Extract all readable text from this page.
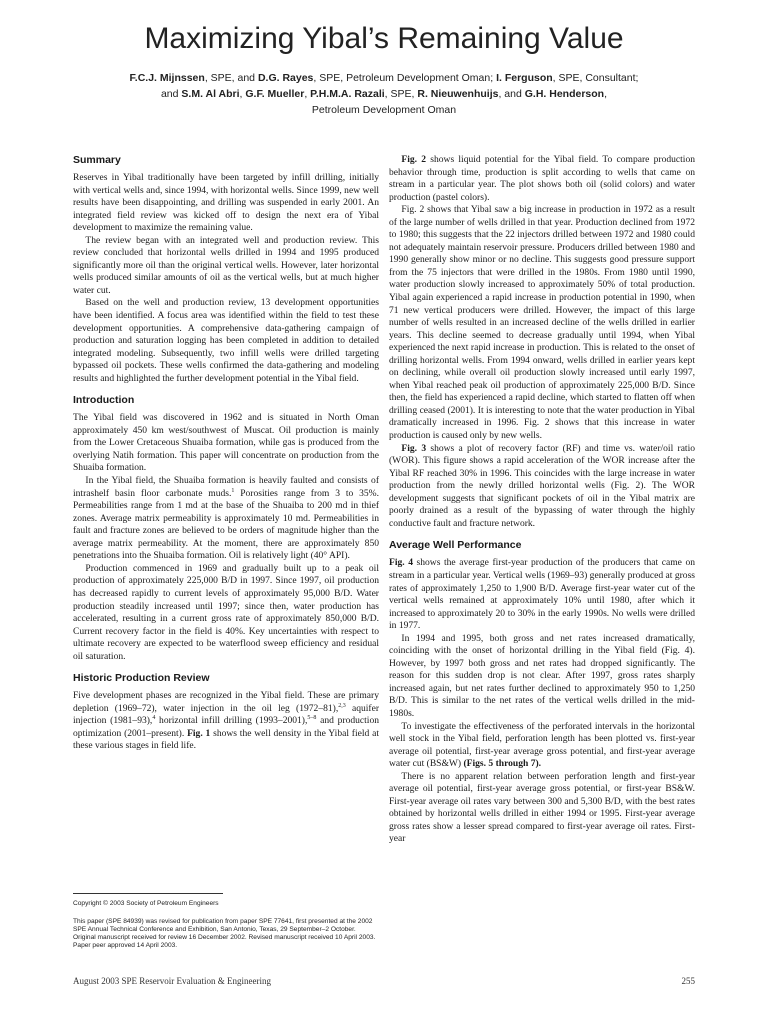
Maximizing Yibal’s Remaining Value
F.C.J. Mijnssen, SPE, and D.G. Rayes, SPE, Petroleum Development Oman; I. Ferguson, SPE, Consultant;
and S.M. Al Abri, G.F. Mueller, P.H.M.A. Razali, SPE, R. Nieuwenhuijs, and G.H. Henderson,
Petroleum Development Oman
Summary

Reserves in Yibal traditionally have been targeted by infill drilling, initially with vertical wells and, since 1994, with horizontal wells. Since 1999, new well results have been disappointing, and drilling was suspended in early 2001. An integrated field review was kicked off to design the next era of Yibal development to maximize the remaining value.

The review began with an integrated well and production review. This review concluded that horizontal wells drilled in 1994 and 1995 produced significantly more oil than the original vertical wells. However, later horizontal wells produced similar amounts of oil as the vertical wells, but at much higher water cut.

Based on the well and production review, 13 development opportunities have been identified. A focus area was identified within the field to test these development opportunities. A comprehensive data-gathering campaign of production and saturation logging has been completed in addition to detailed integrated modeling. Subsequently, two infill wells were drilled targeting bypassed oil pockets. These wells confirmed the data-gathering and modeling results and highlighted the further development potential in the Yibal field.

Introduction

The Yibal field was discovered in 1962 and is situated in North Oman approximately 450 km west/southwest of Muscat. Oil production is mainly from the Lower Cretaceous Shuaiba formation, while gas is produced from the overlying Natih formation. This paper will concentrate on production from the Shuaiba formation.

In the Yibal field, the Shuaiba formation is heavily faulted and consists of intrashelf basin floor carbonate muds.$^1$ Porosities range from 3 to 35%. Permeabilities range from 1 md at the base of the Shuaiba to 200 md in thief zones. Average matrix permeability is approximately 10 md. Permeabilities in fault and fracture zones are believed to be orders of magnitude higher than the average matrix permeability. At the moment, there are approximately 850 penetrations into the Shuaiba formation. Oil is relatively light (40° API).

Production commenced in 1969 and gradually built up to a peak oil production of approximately 225,000 B/D in 1997. Since 1997, oil production has decreased rapidly to current levels of approximately 95,000 B/D. Water production steadily increased until 1997; since then, water production has accelerated, resulting in a current gross rate of approximately 850,000 B/D. Current recovery factor in the field is 40%. Key uncertainties with respect to ultimate recovery are expected to be waterflood sweep efficiency and residual oil saturation.

Historic Production Review

Five development phases are recognized in the Yibal field. These are primary depletion (1969–72), water injection in the oil leg (1972–81),$^{2,3}$ aquifer injection (1981–93),$^4$ horizontal infill drilling (1993–2001),$^{5-8}$ and production optimization (2001–present). Fig. 1 shows the well density in the Yibal field at these various stages in field life.

Copyright © 2003 Society of Petroleum Engineers
This paper (SPE 84939) was revised for publication from paper SPE 77641, first presented at the 2002 SPE Annual Technical Conference and Exhibition, San Antonio, Texas, 29 September–2 October. Original manuscript received for review 16 December 2002. Revised manuscript received 10 April 2003. Paper peer approved 14 April 2003.

Fig. 2 shows liquid potential for the Yibal field. To compare production behavior through time, production is split according to wells that came on stream in a particular year. The plot shows both oil (solid colors) and water production (pastel colors).

Fig. 2 shows that Yibal saw a big increase in production in 1972 as a result of the large number of wells drilled in that year. Production declined from 1972 to 1980; this suggests that the 22 injectors drilled between 1972 and 1980 could not adequately maintain reservoir pressure. Producers drilled between 1980 and 1990 generally show minor or no decline. This suggests good pressure support from the 75 injectors that were drilled in the 1980s. From 1980 until 1990, water production slowly increased to approximately 50% of total production. Yibal again experienced a rapid increase in production potential in 1990, when 71 new vertical producers were drilled. However, the impact of this large number of wells resulted in an increased decline of the wells drilled in earlier years. This decline seemed to decrease gradually until 1994, when Yibal experienced the next rapid increase in production. This is related to the onset of drilling horizontal wells. From 1994 onward, wells drilled in earlier years kept on declining, while overall oil production slowly increased until early 1997, when Yibal reached peak oil production of approximately 225,000 B/D. Since then, the field has experienced a rapid decline, which started to flatten off when drilling ceased (2001). It is interesting to note that the water production in Yibal dramatically increased in 1996. Fig. 2 shows that this increase in water production is caused only by new wells.

Fig. 3 shows a plot of recovery factor (RF) and time vs. water/oil ratio (WOR). This figure shows a rapid acceleration of the WOR increase after the Yibal RF reached 30% in 1996. This coincides with the large increase in water production from the newly drilled horizontal wells (Fig. 2). The WOR development suggests that significant pockets of oil in the Yibal matrix are poorly drained as a result of the bypassing of water through the highly conductive fault and fracture network.

Average Well Performance

Fig. 4 shows the average first-year production of the producers that came on stream in a particular year. Vertical wells (1969–93) generally produced at gross rates of approximately 1,250 to 1,900 B/D. Average first-year water cut of the vertical wells remained at approximately 10% until 1980, after which it increased to approximately 20 to 30% in the early 1990s. No wells were drilled in 1977.

In 1994 and 1995, both gross and net rates increased dramatically, coinciding with the onset of horizontal drilling in the Yibal field (Fig. 4). However, by 1997 both gross and net rates had dropped significantly. The reason for this sudden drop is not clear. After 1997, gross rates sharply increased again, but net rates further declined to approximately 950 to 1,250 B/D. This is similar to the net rates of the vertical wells drilled in the mid-1980s.

To investigate the effectiveness of the perforated intervals in the horizontal well stock in the Yibal field, perforation length has been plotted vs. first-year average oil potential, first-year average gross potential, and first-year average water cut (BS&W) (Figs. 5 through 7).

There is no apparent relation between perforation length and first-year average oil potential, first-year average gross potential, or first-year BS&W. First-year average oil rates vary between 300 and 5,300 B/D, with the best rates obtained by horizontal wells drilled in either 1994 or 1995. First-year average gross rates show a lesser spread compared to first-year average oil rates. First-year

August 2003 SPE Reservoir Evaluation & Engineering	255
